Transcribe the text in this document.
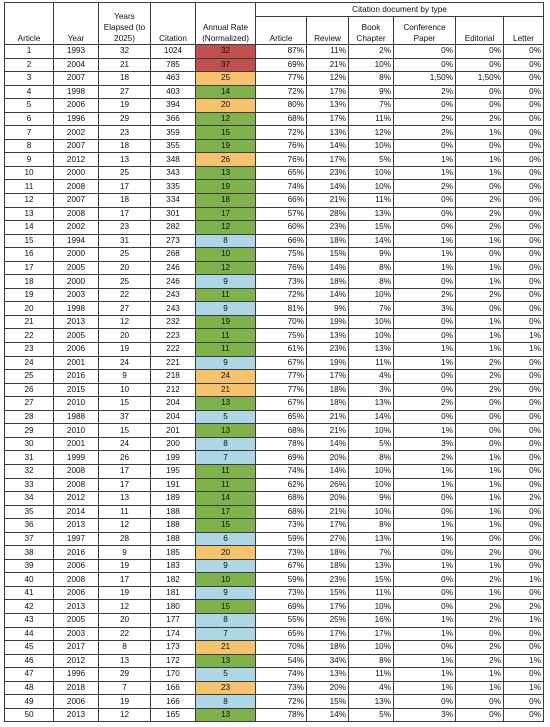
Article	Year	Years Elapsed (to 2025)	Citation	Annual Rate (Normalized)	Citation document by type					
					Article	Review	Book Chapter	Conference Paper	Editorial	Letter
1	1993	32	1024	32	87%	11%	2%	0%	0%	0%
2	2004	21	785	37	69%	21%	10%	0%	0%	0%
3	2007	18	463	25	77%	12%	8%	1,50%	1,50%	0%
4	1998	27	403	14	72%	17%	9%	2%	0%	0%
5	2006	19	394	20	80%	13%	7%	0%	0%	0%
6	1996	29	366	12	68%	17%	11%	2%	2%	0%
7	2002	23	359	15	72%	13%	12%	2%	1%	0%
8	2007	18	355	19	76%	14%	10%	0%	0%	0%
9	2012	13	348	26	76%	17%	5%	1%	1%	0%
10	2000	25	343	13	65%	23%	10%	1%	1%	0%
11	2008	17	335	19	74%	14%	10%	2%	0%	0%
12	2007	18	334	18	66%	21%	11%	0%	2%	0%
13	2008	17	301	17	57%	28%	13%	0%	2%	0%
14	2002	23	282	12	60%	23%	15%	0%	2%	0%
15	1994	31	273	8	66%	18%	14%	1%	1%	0%
16	2000	25	268	10	75%	15%	9%	1%	0%	0%
17	2005	20	246	12	76%	14%	8%	1%	1%	0%
18	2000	25	246	9	73%	18%	8%	0%	1%	0%
19	2003	22	243	11	72%	14%	10%	2%	2%	0%
20	1998	27	243	9	81%	9%	7%	3%	0%	0%
21	2013	12	232	19	70%	19%	10%	0%	1%	0%
22	2005	20	223	11	75%	13%	10%	0%	1%	1%
23	2006	19	222	11	61%	23%	13%	1%	1%	1%
24	2001	24	221	9	67%	19%	11%	1%	2%	0%
25	2016	9	218	24	77%	17%	4%	0%	2%	0%
26	2015	10	212	21	77%	18%	3%	0%	2%	0%
27	2010	15	204	13	67%	18%	13%	2%	0%	0%
28	1988	37	204	5	65%	21%	14%	0%	0%	0%
29	2010	15	201	13	68%	21%	10%	1%	0%	0%
30	2001	24	200	8	78%	14%	5%	3%	0%	0%
31	1999	26	199	7	69%	20%	8%	2%	1%	0%
32	2008	17	195	11	74%	14%	10%	1%	1%	0%
33	2008	17	191	11	62%	26%	10%	1%	1%	0%
34	2012	13	189	14	68%	20%	9%	0%	1%	2%
35	2014	11	188	17	68%	21%	10%	0%	1%	0%
36	2013	12	188	15	73%	17%	8%	1%	1%	0%
37	1997	28	188	6	59%	27%	13%	1%	0%	0%
38	2016	9	185	20	73%	18%	7%	0%	2%	0%
39	2006	19	183	9	67%	18%	13%	1%	1%	0%
40	2008	17	182	10	59%	23%	15%	0%	2%	1%
41	2006	19	181	9	73%	15%	11%	0%	1%	0%
42	2013	12	180	15	69%	17%	10%	0%	2%	2%
43	2005	20	177	8	55%	25%	16%	1%	2%	1%
44	2003	22	174	7	65%	17%	17%	1%	0%	0%
45	2017	8	173	21	70%	18%	10%	0%	2%	0%
46	2012	13	172	13	54%	34%	8%	1%	2%	1%
47	1996	29	170	5	74%	13%	11%	1%	1%	0%
48	2018	7	166	23	73%	20%	4%	1%	1%	1%
49	2006	19	166	8	72%	15%	13%	0%	0%	0%
50	2013	12	165	13	78%	14%	5%	3%	0%	0%
